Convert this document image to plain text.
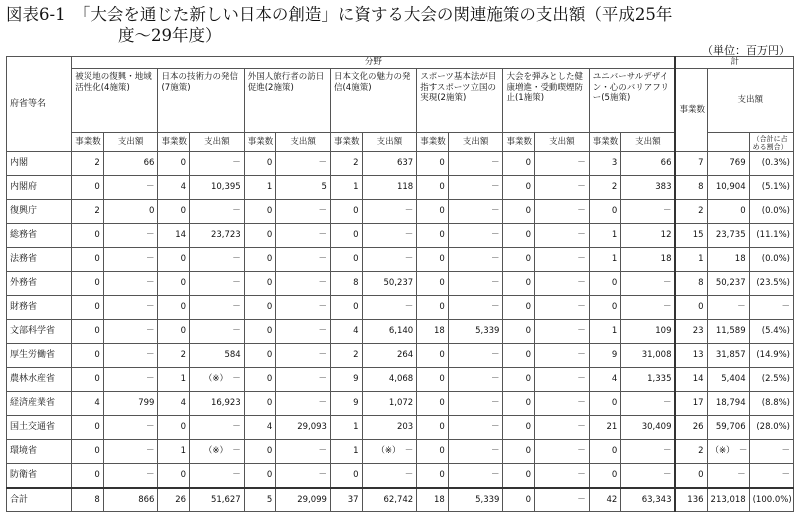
図表6-1　「大会を通じた新しい日本の創造」に資する大会の関連施策の支出額（平成25年
度～29年度）
（単位：百万円）
府省等名	分野														計		
	被災地の復興・地域活性化(4施策)		日本の技術力の発信(7施策)		外国人旅行者の訪日促進(2施策)		日本文化の魅力の発信(4施策)		スポーツ基本法が目指すスポーツ立国の実現(2施策)		大会を弾みとした健康増進・受動喫煙防止(1施策)		ユニバーサルデザイン・心のバリアフリー(5施策)		事業数	支出額	
	事業数	支出額	事業数	支出額	事業数	支出額	事業数	支出額	事業数	支出額	事業数	支出額	事業数	支出額			（合計に占める割合）
内閣	2	66	0	－	0	－	2	637	0	－	0	－	3	66	7	769	(0.3%)
内閣府	0	－	4	10,395	1	5	1	118	0	－	0	－	2	383	8	10,904	(5.1%)
復興庁	2	0	0	－	0	－	0	－	0	－	0	－	0	－	2	0	(0.0%)
総務省	0	－	14	23,723	0	－	0	－	0	－	0	－	1	12	15	23,735	(11.1%)
法務省	0	－	0	－	0	－	0	－	0	－	0	－	1	18	1	18	(0.0%)
外務省	0	－	0	－	0	－	8	50,237	0	－	0	－	0	－	8	50,237	(23.5%)
財務省	0	－	0	－	0	－	0	－	0	－	0	－	0	－	0	－	－
文部科学省	0	－	0	－	0	－	4	6,140	18	5,339	0	－	1	109	23	11,589	(5.4%)
厚生労働省	0	－	2	584	0	－	2	264	0	－	0	－	9	31,008	13	31,857	(14.9%)
農林水産省	0	－	1	（※）　－	0	－	9	4,068	0	－	0	－	4	1,335	14	5,404	(2.5%)
経済産業省	4	799	4	16,923	0	－	9	1,072	0	－	0	－	0	－	17	18,794	(8.8%)
国土交通省	0	－	0	－	4	29,093	1	203	0	－	0	－	21	30,409	26	59,706	(28.0%)
環境省	0	－	1	（※）　－	0	－	1	（※）　－	0	－	0	－	0	－	2	（※）　－	－
防衛省	0	－	0	－	0	－	0	－	0	－	0	－	0	－	0	－	－
合計	8	866	26	51,627	5	29,099	37	62,742	18	5,339	0	－	42	63,343	136	213,018	(100.0%)
